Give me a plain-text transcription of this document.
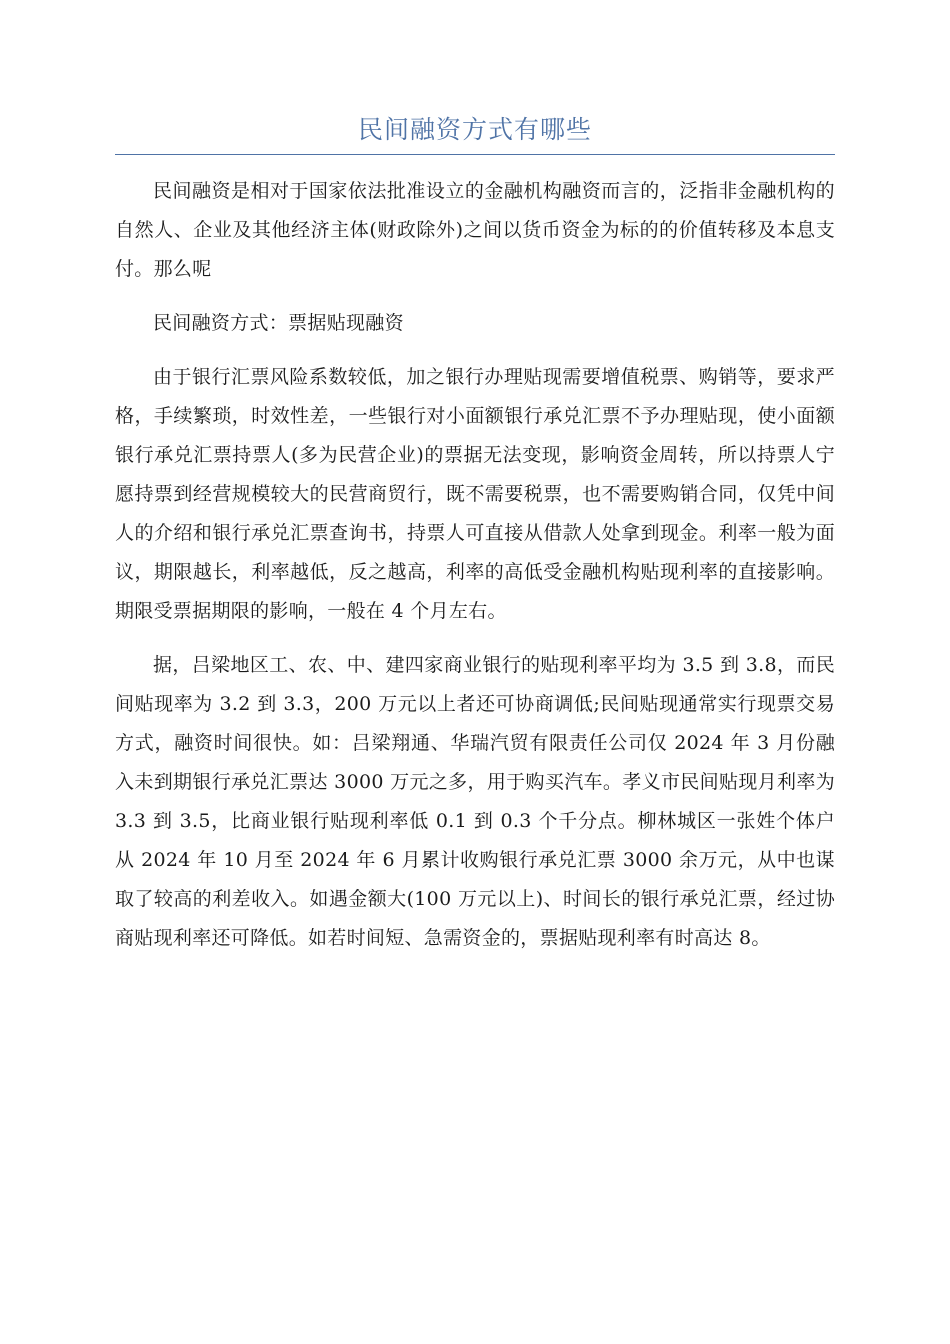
民间融资方式有哪些

民间融资是相对于国家依法批准设立的金融机构融资而言的，泛指非金融机构的自然人、企业及其他经济主体(财政除外)之间以货币资金为标的的价值转移及本息支付。那么呢

民间融资方式：票据贴现融资

由于银行汇票风险系数较低，加之银行办理贴现需要增值税票、购销等，要求严格，手续繁琐，时效性差，一些银行对小面额银行承兑汇票不予办理贴现，使小面额银行承兑汇票持票人(多为民营企业)的票据无法变现，影响资金周转，所以持票人宁愿持票到经营规模较大的民营商贸行，既不需要税票，也不需要购销合同，仅凭中间人的介绍和银行承兑汇票查询书，持票人可直接从借款人处拿到现金。利率一般为面议，期限越长，利率越低，反之越高，利率的高低受金融机构贴现利率的直接影响。期限受票据期限的影响，一般在 4 个月左右。

据，吕梁地区工、农、中、建四家商业银行的贴现利率平均为 3.5 到 3.8，而民间贴现率为 3.2 到 3.3，200 万元以上者还可协商调低;民间贴现通常实行现票交易方式，融资时间很快。如：吕梁翔通、华瑞汽贸有限责任公司仅 2024 年 3 月份融入未到期银行承兑汇票达 3000 万元之多，用于购买汽车。孝义市民间贴现月利率为 3.3 到 3.5，比商业银行贴现利率低 0.1 到 0.3 个千分点。柳林城区一张姓个体户从 2024 年 10 月至 2024 年 6 月累计收购银行承兑汇票 3000 余万元，从中也谋取了较高的利差收入。如遇金额大(100 万元以上)、时间长的银行承兑汇票，经过协商贴现利率还可降低。如若时间短、急需资金的，票据贴现利率有时高达 8。
